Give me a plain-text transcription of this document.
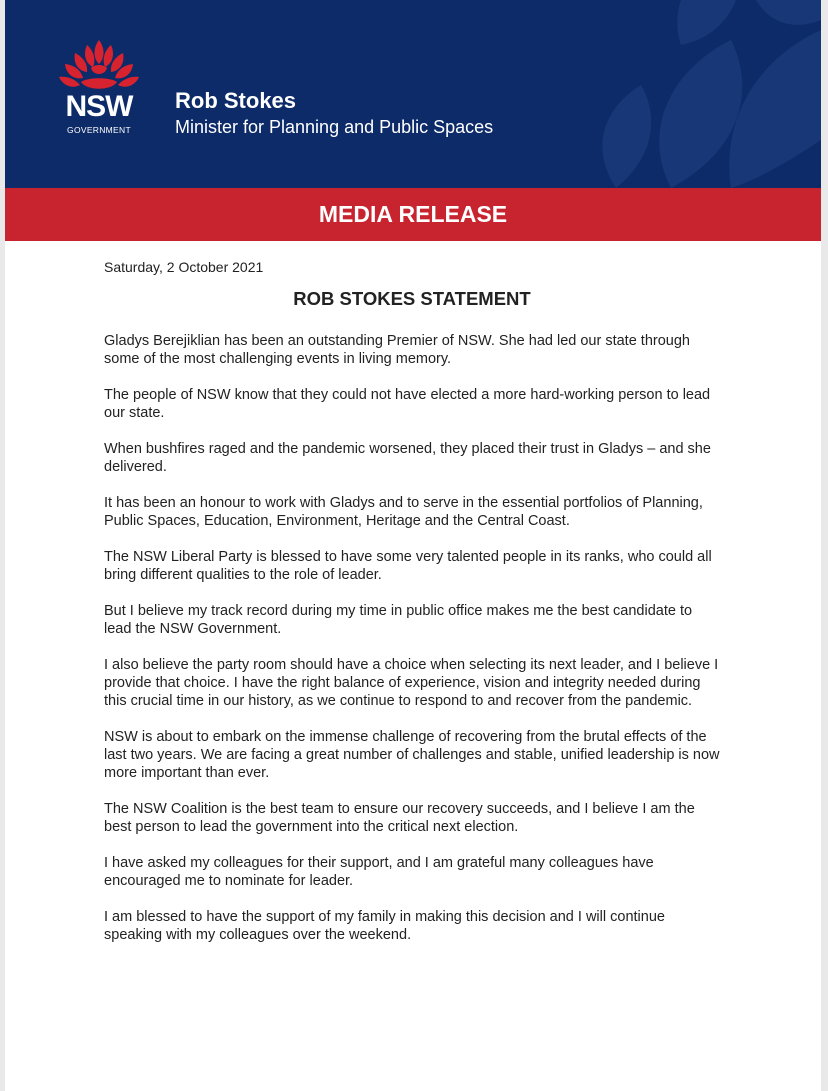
NSW
GOVERNMENT
Rob Stokes
Minister for Planning and Public Spaces
MEDIA RELEASE
Saturday, 2 October 2021
ROB STOKES STATEMENT

Gladys Berejiklian has been an outstanding Premier of NSW. She had led our state through some of the most challenging events in living memory.

The people of NSW know that they could not have elected a more hard-working person to lead our state.

When bushfires raged and the pandemic worsened, they placed their trust in Gladys – and she delivered.

It has been an honour to work with Gladys and to serve in the essential portfolios of Planning, Public Spaces, Education, Environment, Heritage and the Central Coast.

The NSW Liberal Party is blessed to have some very talented people in its ranks, who could all bring different qualities to the role of leader.

But I believe my track record during my time in public office makes me the best candidate to lead the NSW Government.

I also believe the party room should have a choice when selecting its next leader, and I believe I provide that choice. I have the right balance of experience, vision and integrity needed during this crucial time in our history, as we continue to respond to and recover from the pandemic.

NSW is about to embark on the immense challenge of recovering from the brutal effects of the last two years. We are facing a great number of challenges and stable, unified leadership is now more important than ever.

The NSW Coalition is the best team to ensure our recovery succeeds, and I believe I am the best person to lead the government into the critical next election.

I have asked my colleagues for their support, and I am grateful many colleagues have encouraged me to nominate for leader.

I am blessed to have the support of my family in making this decision and I will continue speaking with my colleagues over the weekend.
